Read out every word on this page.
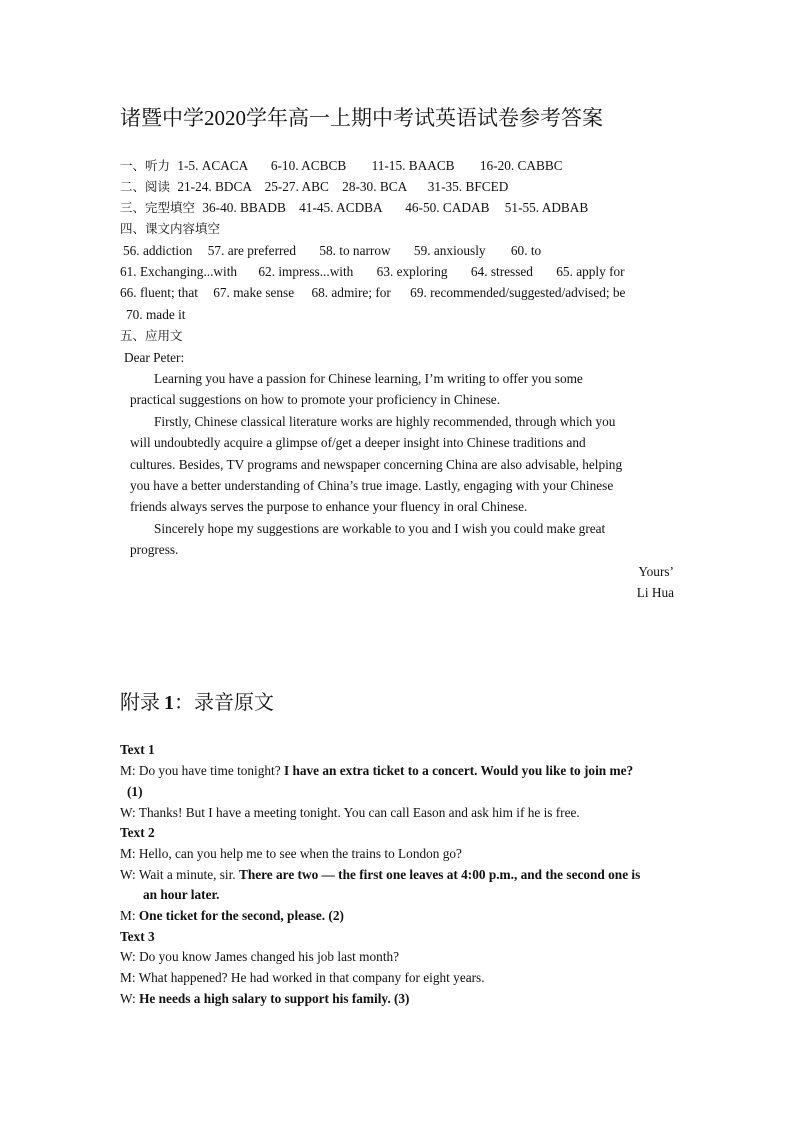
诸暨中学2020学年高一上期中考试英语试卷参考答案
一、听力 1-5. ACACA 6-10. ACBCB 11-15. BAACB 16-20. CABBC
二、阅读 21-24. BDCA 25-27. ABC 28-30. BCA 31-35. BFCED
三、完型填空 36-40. BBADB 41-45. ACDBA 46-50. CADAB 51-55. ADBAB
四、课文内容填空
56. addiction 57. are preferred 58. to narrow 59. anxiously 60. to
61. Exchanging...with 62. impress...with 63. exploring 64. stressed 65. apply for
66. fluent; that 67. make sense 68. admire; for 69. recommended/suggested/advised; be
70. made it
五、应用文
Dear Peter:
Learning you have a passion for Chinese learning, I’m writing to offer you some
practical suggestions on how to promote your proficiency in Chinese.
Firstly, Chinese classical literature works are highly recommended, through which you
will undoubtedly acquire a glimpse of/get a deeper insight into Chinese traditions and
cultures. Besides, TV programs and newspaper concerning China are also advisable, helping
you have a better understanding of China’s true image. Lastly, engaging with your Chinese
friends always serves the purpose to enhance your fluency in oral Chinese.
Sincerely hope my suggestions are workable to you and I wish you could make great
progress.
Yours’
Li Hua
附录 1：录音原文
Text 1
M: Do you have time tonight? I have an extra ticket to a concert. Would you like to join me?
(1)
W: Thanks! But I have a meeting tonight. You can call Eason and ask him if he is free.
Text 2
M: Hello, can you help me to see when the trains to London go?
W: Wait a minute, sir. There are two — the first one leaves at 4:00 p.m., and the second one is
an hour later.
M: One ticket for the second, please. (2)
Text 3
W: Do you know James changed his job last month?
M: What happened? He had worked in that company for eight years.
W: He needs a high salary to support his family. (3)
